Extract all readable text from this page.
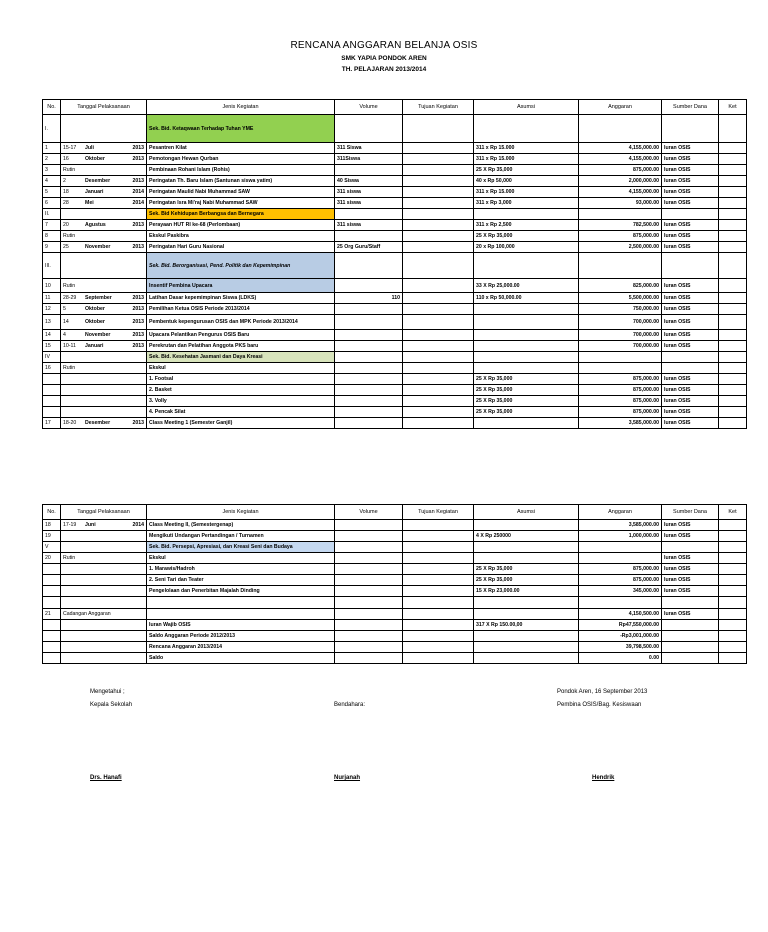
RENCANA ANGGARAN BELANJA OSIS
SMK YAPIA PONDOK AREN
TH. PELAJARAN 2013/2014
No.	Tanggal Pelaksanaan	Jenis Kegiatan	Volume	Tujuan Kegiatan	Asumsi	Anggaran	Sumber Dana	Ket
I.		Sek. Bid. Ketaqwaan Terhadap Tuhan YME						
1	15-17 Juli 2013	Pesantren Kilat	311 Siswa		311 x Rp 15.000	4,155,000.00	Iuran OSIS	
2	16 Oktober 2013	Pemotongan Hewan Qurban	311Siswa		311 x Rp 15.000	4,155,000.00	Iuran OSIS	
3	Rutin	Pembinaan Rohani Islam (Rohis)			25 X Rp 35,000	875,000.00	Iuran OSIS	
4	2 Desember 2013	Peringatan Th. Baru Islam (Santunan siswa yatim)	40 Siswa		40 x Rp 50,000	2,000,000.00	Iuran OSIS	
5	18 Januari 2014	Peringatan Maulid Nabi Muhammad SAW	311 siswa		311 x Rp 15.000	4,155,000.00	Iuran OSIS	
6	28 Mei 2014	Peringatan Isra Mi'raj Nabi Muhammad SAW	311 siswa		311 x Rp 3,000	93,000.00	Iuran OSIS	
II.		Sek. Bid Kehidupan Berbangsa dan Bernegara						
7	20 Agustus 2013	Perayaan HUT RI ke-68 (Perlombaan)	311 siswa		311 x Rp 2,500	782,500.00	Iuran OSIS	
8	Rutin	Ekskul Paskibra			25 X Rp 35,000	875,000.00	Iuran OSIS	
9	25 November 2013	Peringatan Hari Guru Nasional	25 Org Guru/Staff		20 x Rp 100,000	2,500,000.00	Iuran OSIS	
III.		Sek. Bid. Berorganisasi, Pend. Politik dan Kepemimpinan						
10	Rutin	Insentif Pembina Upacara			33 X Rp 25,000.00	825,000.00	Iuran OSIS	
11	28-29 September 2013	Latihan Dasar kepemimpinan Siswa (LDKS)	110		110 x Rp 50,000.00	5,500,000.00	Iuran OSIS	
12	5 Oktober 2013	Pemilihan Ketua OSIS Periode 2013/2014				750,000.00	Iuran OSIS	
13	14 Oktober 2013	Pembentuk kepengurusan OSIS dan MPK Periode 2013/2014				700,000.00	Iuran OSIS	
14	4 November 2013	Upacara Pelantikan Pengurus OSIS Baru				700,000.00	Iuran OSIS	
15	10-11 Januari 2013	Perekrutan dan Pelatihan Anggota PKS baru				700,000.00	Iuran OSIS	
IV		Sek. Bid. Kesehatan Jasmani dan Daya Kreasi						
16	Rutin	Ekskul						
		1. Footsal			25 X Rp 35,000	875,000.00	Iuran OSIS	
		2. Basket			25 X Rp 35,000	875,000.00	Iuran OSIS	
		3. Volly			25 X Rp 35,000	875,000.00	Iuran OSIS	
		4. Pencak Silat			25 X Rp 35,000	875,000.00	Iuran OSIS	
17	18-20 Desember 2013	Class Meeting 1 (Semester Ganjil)				3,585,000.00	Iuran OSIS	
No.	Tanggal Pelaksanaan	Jenis Kegiatan	Volume	Tujuan Kegiatan	Asumsi	Anggaran	Sumber Dana	Ket
18	17-19 Juni 2014	Class Meeting II, (Semestergenap)				3,585,000.00	Iuran OSIS	
19		Mengikuti Undangan Pertandingan / Turnamen			4 X Rp 250000	1,000,000.00	Iuran OSIS	
V		Sek. Bid. Persepsi, Apresiasi, dan Kreasi Seni dan Budaya						
20	Rutin	Ekskul					Iuran OSIS	
		1. Marawis/Hadroh			25 X Rp 35,000	875,000.00	Iuran OSIS	
		2. Seni Tari dan Teater			25 X Rp 35,000	875,000.00	Iuran OSIS	
		Pengelolaan dan Penerbitan Majalah Dinding			15 X Rp 23,000.00	345,000.00	Iuran OSIS	

21	Cadangan Anggaran					4,150,500.00	Iuran OSIS	
		Iuran Wajib OSIS			317 X Rp 150.00,00	Rp47,550,000.00		
		Saldo Anggaran Periode 2012/2013				-Rp3,001,000.00		
		Rencana Anggaran 2013/2014				39,798,500.00		
		Saldo				0.00		
Mengetahui ;
Kepala Sekolah
Drs. Hanafi
Bendahara:
Nurjanah
Pondok Aren, 16 September 2013
Pembina OSIS/Bag. Kesiswaan
Hendrik
